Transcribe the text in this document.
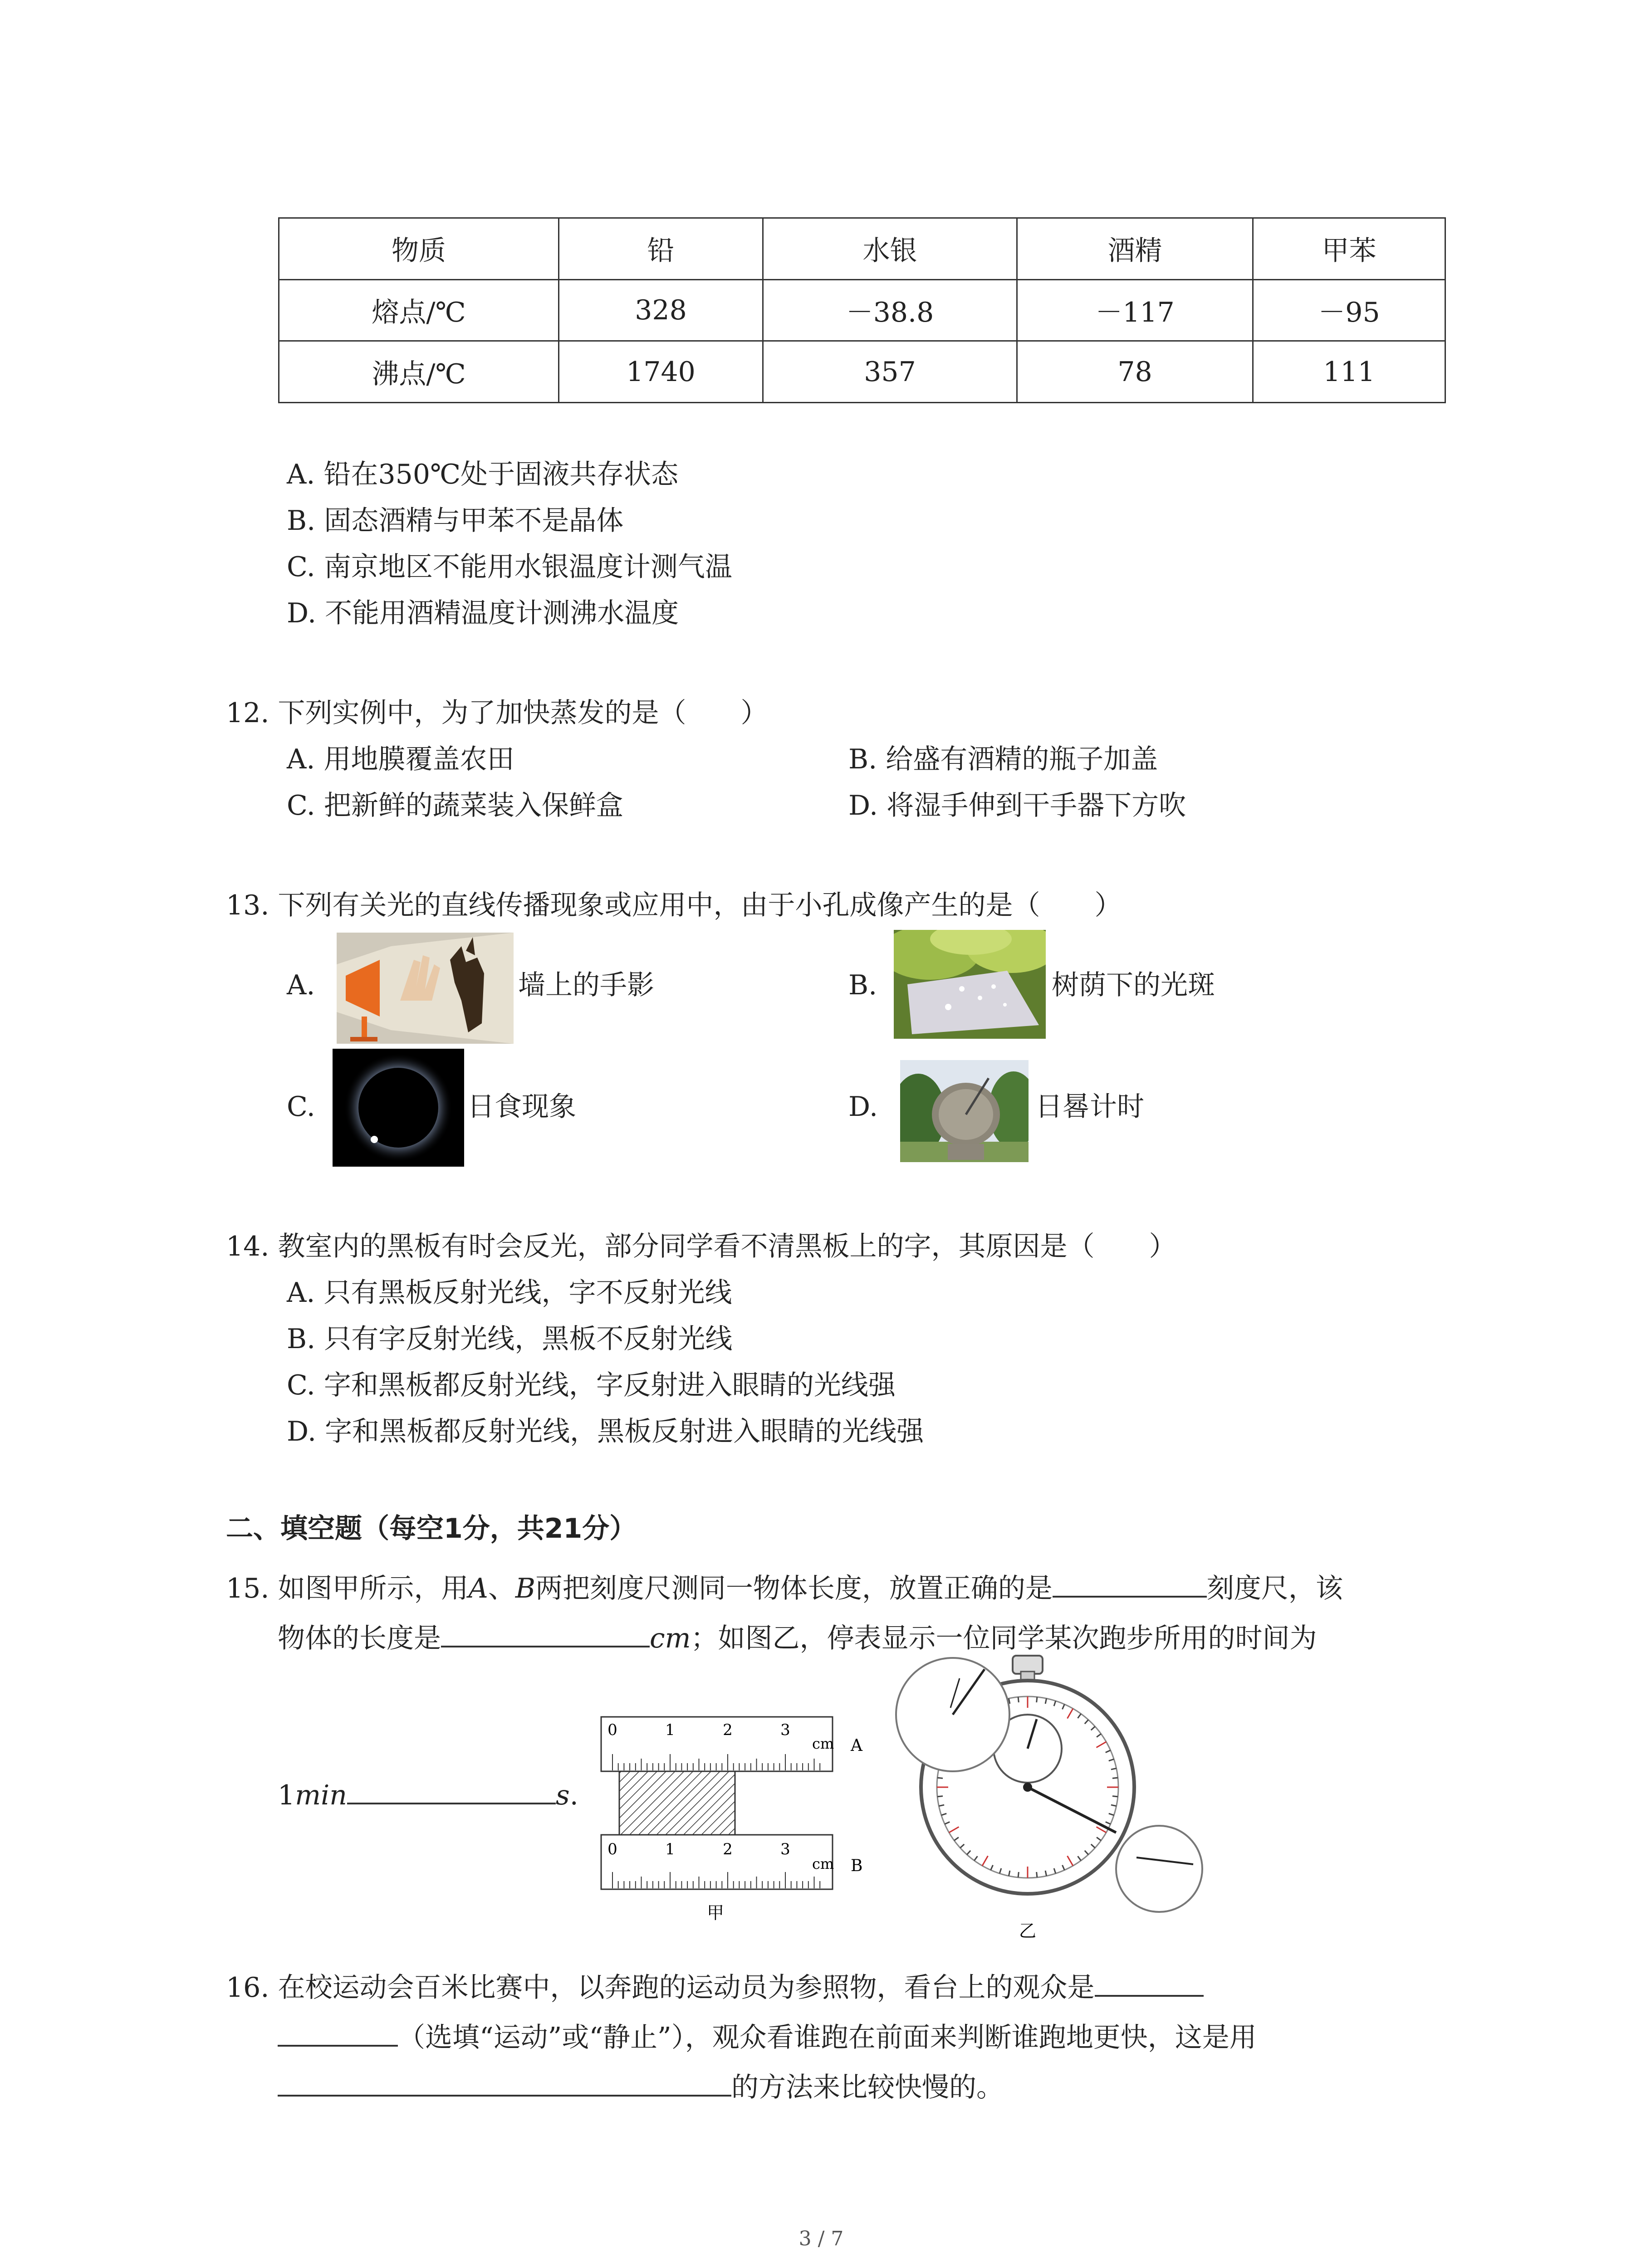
物质	铅	水银	酒精	甲苯
熔点/℃	328	－38.8	－117	－95
沸点/℃	1740	357	78	111
A. 铅在350℃处于固液共存状态
B. 固态酒精与甲苯不是晶体
C. 南京地区不能用水银温度计测气温
D. 不能用酒精温度计测沸水温度
12. 下列实例中，为了加快蒸发的是（　　）
A. 用地膜覆盖农田	B. 给盛有酒精的瓶子加盖
C. 把新鲜的蔬菜装入保鲜盒	D. 将湿手伸到干手器下方吹
13. 下列有关光的直线传播现象或应用中，由于小孔成像产生的是（　　）
A.	墙上的手影	B.	树荫下的光斑
C.	日食现象	D.	日晷计时
14. 教室内的黑板有时会反光，部分同学看不清黑板上的字，其原因是（　　）
A. 只有黑板反射光线，字不反射光线
B. 只有字反射光线，黑板不反射光线
C. 字和黑板都反射光线，字反射进入眼睛的光线强
D. 字和黑板都反射光线，黑板反射进入眼睛的光线强
二、填空题（每空1分，共21分）
15. 如图甲所示，用A、B两把刻度尺测同一物体长度，放置正确的是	刻度尺，该
物体的长度是	cm；如图乙，停表显示一位同学某次跑步所用的时间为
1min	s.
0	1	2	3
cm A
0	1	2	3
cm B
甲
乙
16. 在校运动会百米比赛中，以奔跑的运动员为参照物，看台上的观众是
（选填“运动”或“静止”），观众看谁跑在前面来判断谁跑地更快，这是用
的方法来比较快慢的。
3 / 7
